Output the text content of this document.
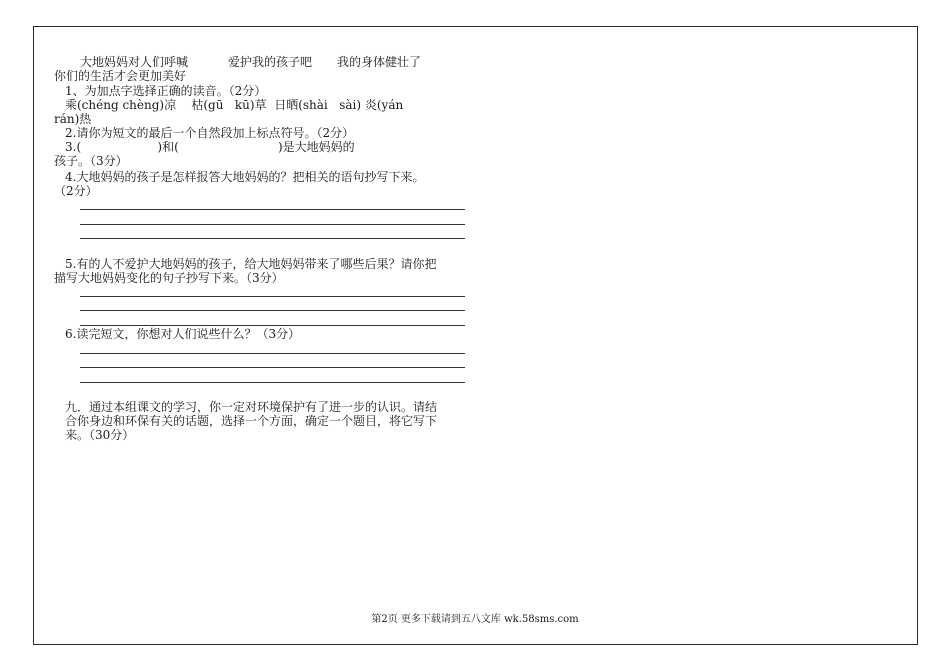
大地妈妈对人们呼喊	爱护我的孩子吧 我的身体健壮了
你们的生活才会更加美好
1、为加点字选择正确的读音。（2分）
乘(chéng chèng)凉    枯(gū   kū)草  日晒(shài   sài) 炎(yán
rán)热
2.请你为短文的最后一个自然段加上标点符号。（2分）
3.(                    )和(                          )是大地妈妈的
孩子。（3分）
4.大地妈妈的孩子是怎样报答大地妈妈的？把相关的语句抄写下来。
（2分）
5.有的人不爱护大地妈妈的孩子，给大地妈妈带来了哪些后果？请你把
描写大地妈妈变化的句子抄写下来。（3分）
6.读完短文，你想对人们说些什么？（3分）
九．通过本组课文的学习，你一定对环境保护有了进一步的认识。请结
合你身边和环保有关的话题，选择一个方面，确定一个题目，将它写下
来。（30分）
第2页 更多下载请到五八文库 wk.58sms.com
